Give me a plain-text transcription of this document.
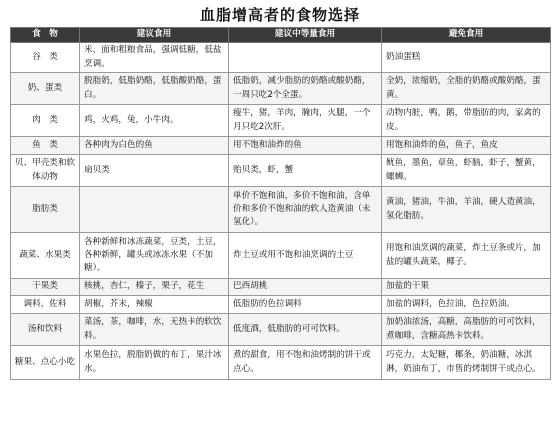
血脂增高者的食物选择
食　物	建议食用	建议中等量食用	避免食用
谷　类	米，面和粗粮食品，强调低糖，低盐烹调。		奶油蛋糕
奶、蛋类	脱脂奶，低脂奶酪，低脂酸奶酪，蛋白。	低脂奶，减少脂肪的奶酪或酸奶酪，一周只吃2个全蛋。	全奶，浓缩奶，全脂的奶酪或酸奶酪，蛋黄。
肉　类	鸡，火鸡，兔，小牛肉。	瘦牛，猪，羊肉，腌肉，火腿，一个月只吃2次肝。	动物内脏，鸭，鹅，带脂肪的肉，家禽的皮。
鱼　类	各种肉为白色的鱼	用不饱和油炸的鱼	用饱和油炸的鱼，鱼子，鱼皮
贝、甲壳类和软体动物	扇贝类	贻贝类，虾，蟹	鱿鱼，墨鱼，章鱼，虾脑，虾子，蟹黄，螺蛳。
脂肪类		单价不饱和油，多价不饱和油，含单价和多价不饱和油的软人造黄油（未氢化）。	黄油，猪油，牛油，羊油，硬人造黄油，氢化脂肪。
蔬菜、水果类	各种新鲜和冰冻蔬菜，豆类，土豆，各种新鲜，罐头或冰冻水果（不加糖）。	炸土豆或用不饱和油烹调的土豆	用饱和油烹调的蔬菜，炸土豆条或片，加盐的罐头蔬菜，椰子。
干果类	核桃，杏仁，榛子，栗子，花生	巴西胡桃	加盐的干果
调料，佐料	胡椒，芥末，辣椒	低脂肪的色拉调料	加盐的调料，色拉油，色拉奶油。
汤和饮料	菜汤，茶，咖啡，水，无热卡的软饮料。	低度酒，低脂肪的可可饮料。	加奶油浓汤，高糖，高脂肪的可可饮料，煮咖啡，含糖高热卡饮料。
糖果、点心小吃	水果色拉，脱脂奶做的布丁，果汁冰水。	煮的甜食，用不饱和油烤制的饼干或点心。	巧克力，太妃糖，椰条，奶油糖，冰淇淋，奶油布丁，市售的烤制饼干或点心。
